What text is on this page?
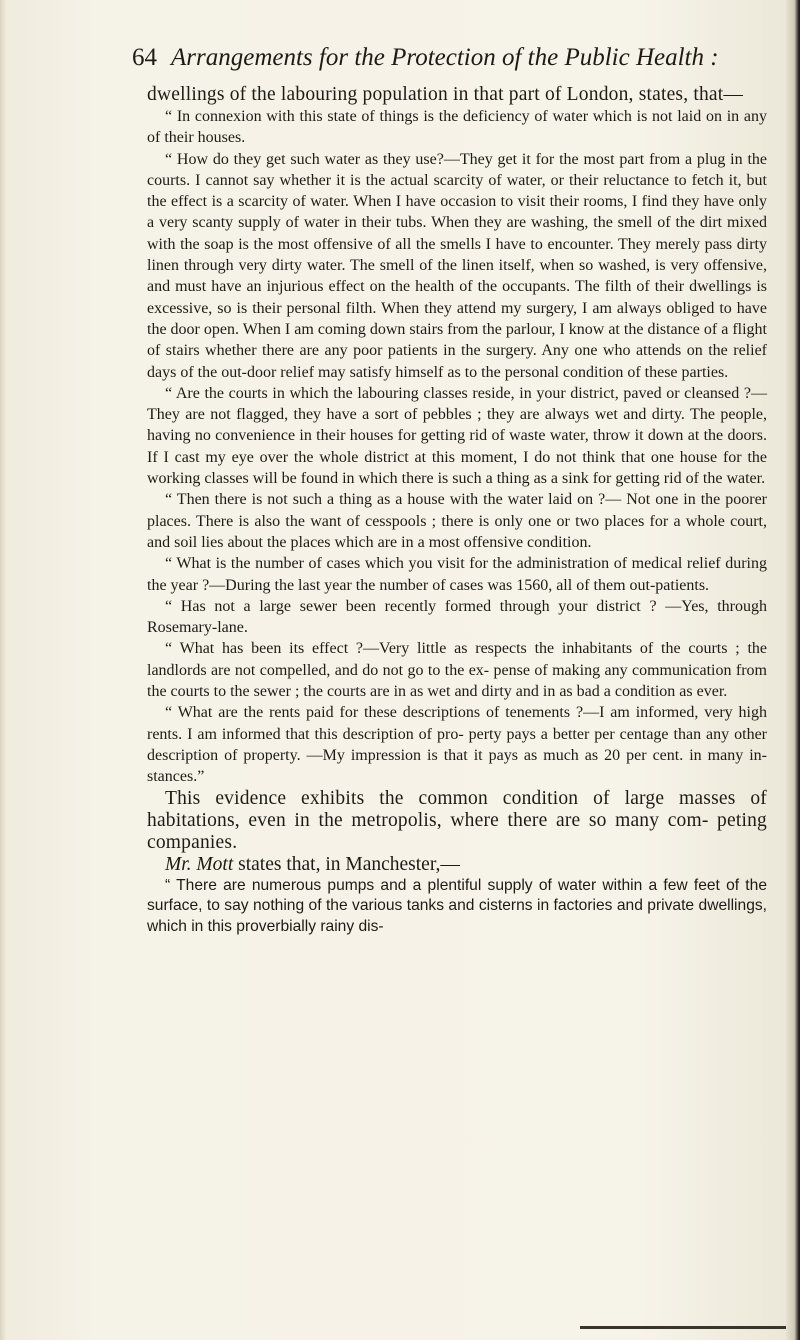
64 Arrangements for the Protection of the Public Health :

dwellings of the labouring population in that part of London, states, that—

“ In connexion with this state of things is the deficiency of water which is not laid on in any of their houses.

“ How do they get such water as they use?—They get it for the most part from a plug in the courts. I cannot say whether it is the actual scarcity of water, or their reluctance to fetch it, but the effect is a scarcity of water. When I have occasion to visit their rooms, I find they have only a very scanty supply of water in their tubs. When they are washing, the smell of the dirt mixed with the soap is the most offensive of all the smells I have to encounter. They merely pass dirty linen through very dirty water. The smell of the linen itself, when so washed, is very offensive, and must have an injurious effect on the health of the occupants. The filth of their dwellings is excessive, so is their personal filth. When they attend my surgery, I am always obliged to have the door open. When I am coming down stairs from the parlour, I know at the distance of a flight of stairs whether there are any poor patients in the surgery. Any one who attends on the relief days of the out-door relief may satisfy himself as to the personal condition of these parties.

“ Are the courts in which the labouring classes reside, in your district, paved or cleansed ?—They are not flagged, they have a sort of pebbles ; they are always wet and dirty. The people, having no convenience in their houses for getting rid of waste water, throw it down at the doors. If I cast my eye over the whole district at this moment, I do not think that one house for the working classes will be found in which there is such a thing as a sink for getting rid of the water.

“ Then there is not such a thing as a house with the water laid on ?— Not one in the poorer places. There is also the want of cesspools ; there is only one or two places for a whole court, and soil lies about the places which are in a most offensive condition.

“ What is the number of cases which you visit for the administration of medical relief during the year ?—During the last year the number of cases was 1560, all of them out-patients.

“ Has not a large sewer been recently formed through your district ? —Yes, through Rosemary-lane.

“ What has been its effect ?—Very little as respects the inhabitants of the courts ; the landlords are not compelled, and do not go to the ex- pense of making any communication from the courts to the sewer ; the courts are in as wet and dirty and in as bad a condition as ever.

“ What are the rents paid for these descriptions of tenements ?—I am informed, very high rents. I am informed that this description of pro- perty pays a better per centage than any other description of property. —My impression is that it pays as much as 20 per cent. in many in- stances.”

This evidence exhibits the common condition of large masses of habitations, even in the metropolis, where there are so many com- peting companies.

Mr. Mott states that, in Manchester,—

“ There are numerous pumps and a plentiful supply of water within a few feet of the surface, to say nothing of the various tanks and cisterns in factories and private dwellings, which in this proverbially rainy dis-
